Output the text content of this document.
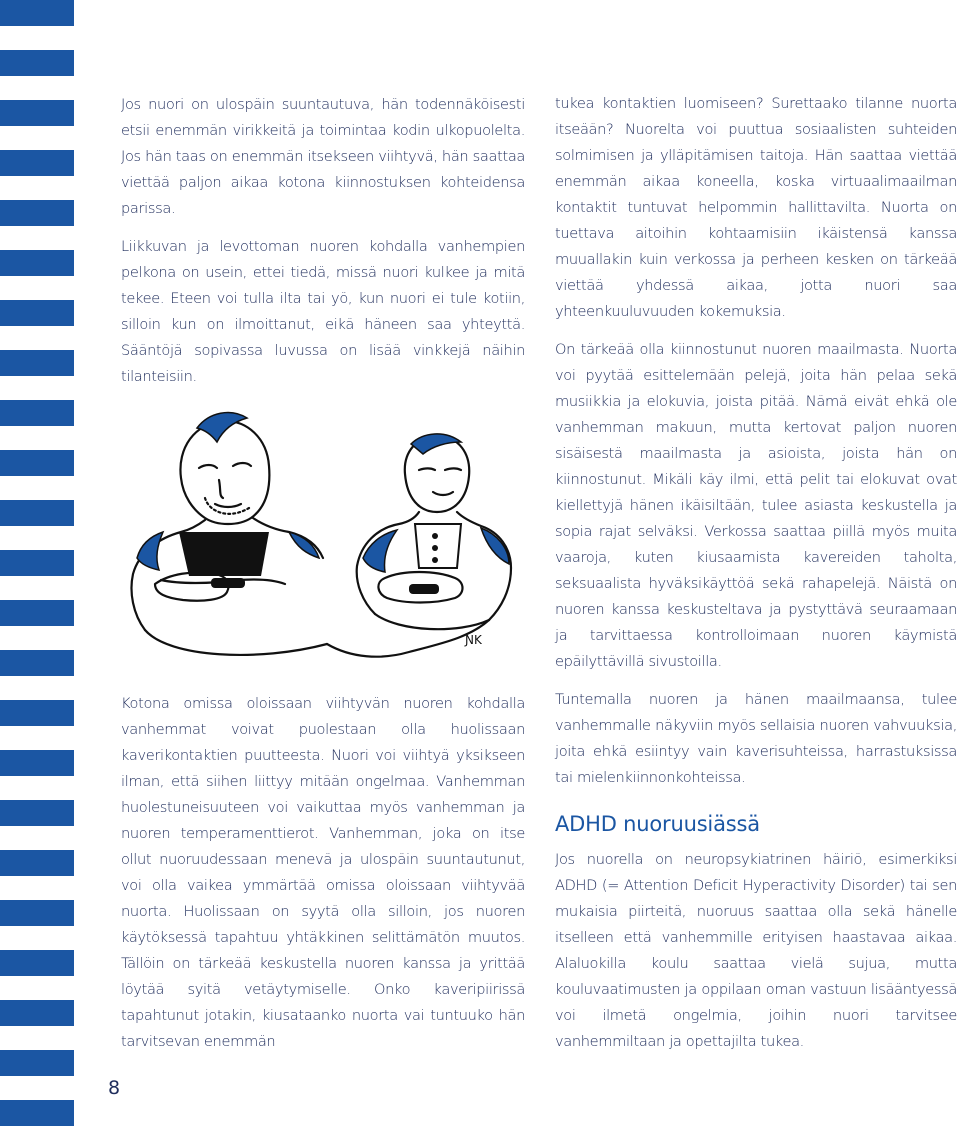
Jos nuori on ulospäin suuntautuva, hän todennäköisesti etsii enemmän virikkeitä ja toimintaa kodin ulkopuolelta. Jos hän taas on enemmän itsekseen viihtyvä, hän saattaa viettää paljon aikaa kotona kiinnostuksen kohteidensa parissa.

Liikkuvan ja levottoman nuoren kohdalla vanhempien pelkona on usein, ettei tiedä, missä nuori kulkee ja mitä tekee. Eteen voi tulla ilta tai yö, kun nuori ei tule kotiin, silloin kun on ilmoittanut, eikä häneen saa yhteyttä. Sääntöjä sopivassa luvussa on lisää vinkkejä näihin tilanteisiin.

ƝK

Kotona omissa oloissaan viihtyvän nuoren kohdalla vanhemmat voivat puolestaan olla huolissaan kaverikontaktien puutteesta. Nuori voi viihtyä yksikseen ilman, että siihen liittyy mitään ongelmaa. Vanhemman huolestuneisuuteen voi vaikuttaa myös vanhemman ja nuoren temperamenttierot. Vanhemman, joka on itse ollut nuoruudessaan menevä ja ulospäin suuntautunut, voi olla vaikea ymmärtää omissa oloissaan viihtyvää nuorta. Huolissaan on syytä olla silloin, jos nuoren käytöksessä tapahtuu yhtäkkinen selittämätön muutos. Tällöin on tärkeää keskustella nuoren kanssa ja yrittää löytää syitä vetäytymiselle. Onko kaveripiirissä tapahtunut jotakin, kiusataanko nuorta vai tuntuuko hän tarvitsevan enemmän

tukea kontaktien luomiseen? Surettaako tilanne nuorta itseään? Nuorelta voi puuttua sosiaalisten suhteiden solmimisen ja ylläpitämisen taitoja. Hän saattaa viettää enemmän aikaa koneella, koska virtuaalimaailman kontaktit tuntuvat helpommin hallittavilta. Nuorta on tuettava aitoihin kohtaamisiin ikäistensä kanssa muuallakin kuin verkossa ja perheen kesken on tärkeää viettää yhdessä aikaa, jotta nuori saa yhteenkuuluvuuden kokemuksia.

On tärkeää olla kiinnostunut nuoren maailmasta. Nuorta voi pyytää esittelemään pelejä, joita hän pelaa sekä musiikkia ja elokuvia, joista pitää. Nämä eivät ehkä ole vanhemman makuun, mutta kertovat paljon nuoren sisäisestä maailmasta ja asioista, joista hän on kiinnostunut. Mikäli käy ilmi, että pelit tai elokuvat ovat kiellettyjä hänen ikäisiltään, tulee asiasta keskustella ja sopia rajat selväksi. Verkossa saattaa piillä myös muita vaaroja, kuten kiusaamista kavereiden taholta, seksuaalista hyväksikäyttöä sekä rahapelejä. Näistä on nuoren kanssa keskusteltava ja pystyttävä seuraamaan ja tarvittaessa kontrolloimaan nuoren käymistä epäilyttävillä sivustoilla.

Tuntemalla nuoren ja hänen maailmaansa, tulee vanhemmalle näkyviin myös sellaisia nuoren vahvuuksia, joita ehkä esiintyy vain kaverisuhteissa, harrastuksissa tai mielenkiinnonkohteissa.

ADHD nuoruusiässä

Jos nuorella on neuropsykiatrinen häiriö, esimerkiksi ADHD (= Attention Deficit Hyperactivity Disorder) tai sen mukaisia piirteitä, nuoruus saattaa olla sekä hänelle itselleen että vanhemmille erityisen haastavaa aikaa. Alaluokilla koulu saattaa vielä sujua, mutta kouluvaatimusten ja oppilaan oman vastuun lisääntyessä voi ilmetä ongelmia, joihin nuori tarvitsee vanhemmiltaan ja opettajilta tukea.

8
